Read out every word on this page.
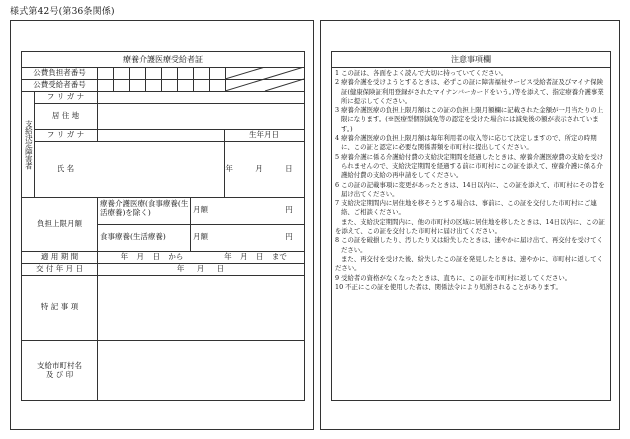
様式第42号(第36条関係)
療養介護医療受給者証
公費負担者番号
公費受給者番号
支給決定障害者
フ リ ガ ナ
居 住 地
フ リ ガ ナ	生年月日
氏 名	年 月 日
負担上限月額
療養介護医療(食事療養(生活療養)を除く)	月額	円
食事療養(生活療養)	月額	円
適 用 期 間	年 月 日 から	年 月 日 まで
交 付 年 月 日	年 月 日
特 記 事 項
支給市町村名
及 び 印
注意事項欄

1 この証は、各面をよく読んで大切に持っていてください。

2 療養介護を受けようとするときは、必ずこの証に障害福祉サービス受給者証及びマイナ保険証(健康保険証利用登録がされたマイナンバーカードをいう。)等を添えて、指定療養介護事業所に提示してください。

3 療養介護医療の負担上限月額はこの証の負担上限月額欄に記載された金額が一月当たりの上限になります。(※医療型個別減免等の認定を受けた場合には減免後の額が表示されています。)

4 療養介護医療の負担上限月額は毎年利用者の収入等に応じて決定しますので、所定の時期に、この証と認定に必要な関係書類を市町村に提出してください。

5 療養介護に係る介護給付費の支給決定期間を経過したときは、療養介護医療費の支給を受けられませんので、支給決定期間を経過する前に市町村にこの証を添えて、療養介護に係る介護給付費の支給の再申請をしてください。

6 この証の記載事項に変更があったときは、14日以内に、この証を添えて、市町村にその旨を届け出てください。

7 支給決定期間内に居住地を移そうとする場合は、事前に、この証を交付した市町村にご連絡、ご相談ください。

また、支給決定期間内に、他の市町村の区域に居住地を移したときは、14日以内に、この証を添えて、この証を交付した市町村に届け出てください。

8 この証を破損したり、汚したり又は紛失したときは、速やかに届け出て、再交付を受けてください。

また、再交付を受けた後、紛失したこの証を発見したときは、速やかに、市町村に返してください。

9 受給者の資格がなくなったときは、直ちに、この証を市町村に返してください。

10 不正にこの証を使用した者は、関係法令により処罰されることがあります。
